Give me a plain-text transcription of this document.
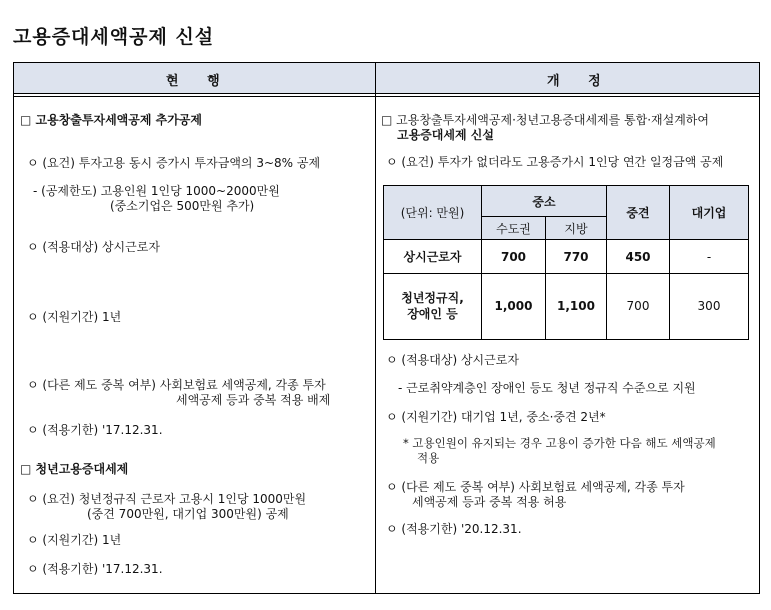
고용증대세액공제 신설
현 행	개 정
□ 고용창출투자세액공제 추가공제
ㅇ (요건) 투자고용 동시 증가시 투자금액의 3~8% 공제
- (공제한도) 고용인원 1인당 1000~2000만원
(중소기업은 500만원 추가)
ㅇ (적용대상) 상시근로자
ㅇ (지원기간) 1년
ㅇ (다른 제도 중복 여부) 사회보험료 세액공제, 각종 투자
세액공제 등과 중복 적용 배제
ㅇ (적용기한) '17.12.31.
□ 청년고용증대세제
ㅇ (요건) 청년정규직 근로자 고용시 1인당 1000만원
(중견 700만원, 대기업 300만원) 공제
ㅇ (지원기간) 1년
ㅇ (적용기한) '17.12.31.
□ 고용창출투자세액공제·청년고용증대세제를 통합·재설계하여
고용증대세제 신설
ㅇ (요건) 투자가 없더라도 고용증가시 1인당 연간 일정금액 공제
(단위: 만원)	중소		중견	대기업
	수도권	지방		
상시근로자	700	770	450	-
청년정규직,
장애인 등	1,000	1,100	700	300
ㅇ (적용대상) 상시근로자
- 근로취약계층인 장애인 등도 청년 정규직 수준으로 지원
ㅇ (지원기간) 대기업 1년, 중소·중견 2년*
* 고용인원이 유지되는 경우 고용이 증가한 다음 해도 세액공제
적용
ㅇ (다른 제도 중복 여부) 사회보험료 세액공제, 각종 투자
세액공제 등과 중복 적용 허용
ㅇ (적용기한) '20.12.31.
